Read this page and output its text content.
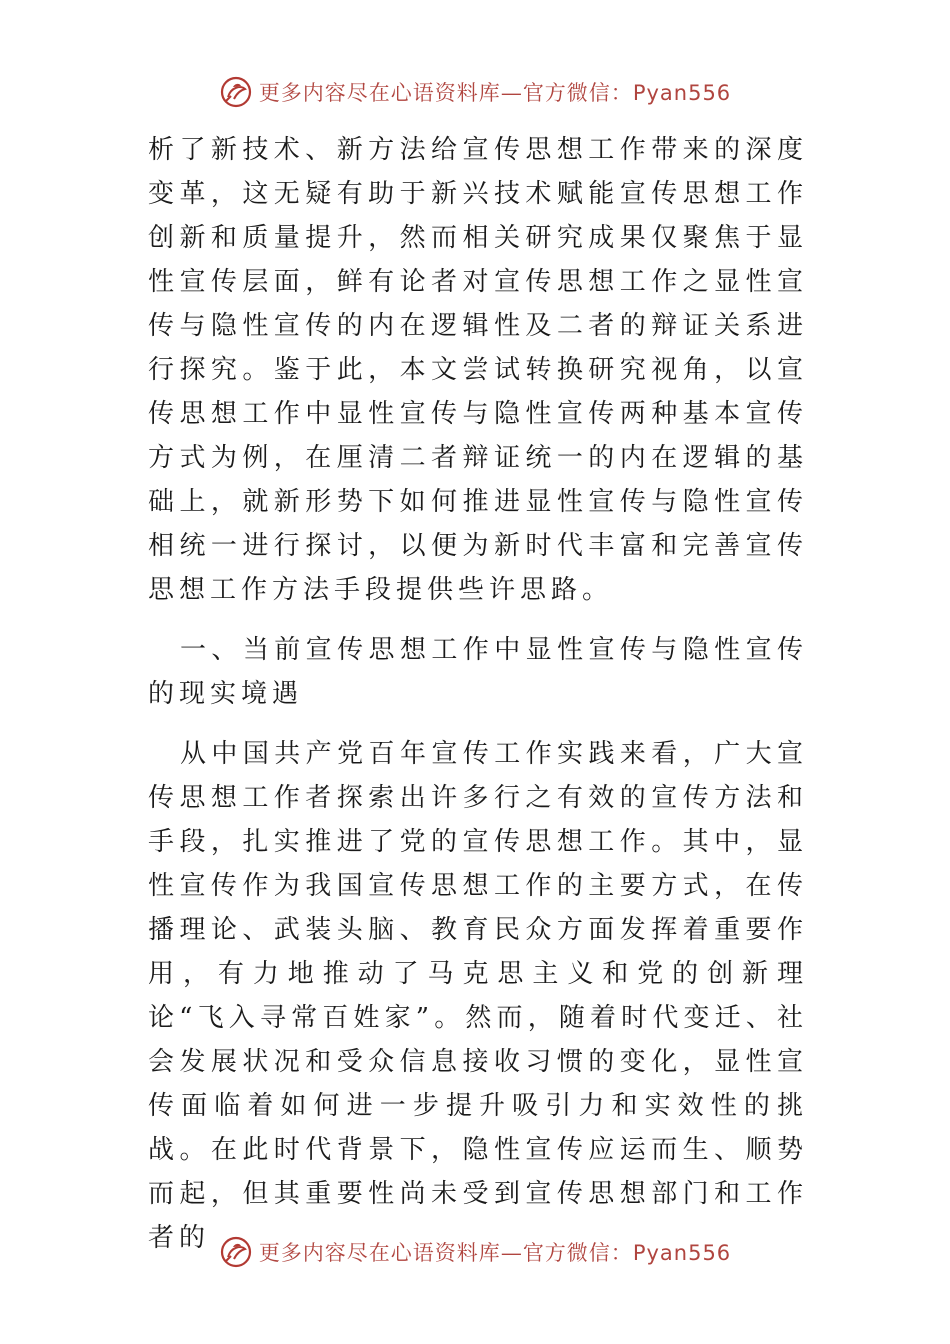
更多内容尽在心语资料库—官方微信：Pyan556

析了新技术、新方法给宣传思想工作带来的深度变革，这无疑有助于新兴技术赋能宣传思想工作创新和质量提升，然而相关研究成果仅聚焦于显性宣传层面，鲜有论者对宣传思想工作之显性宣传与隐性宣传的内在逻辑性及二者的辩证关系进行探究。鉴于此，本文尝试转换研究视角，以宣传思想工作中显性宣传与隐性宣传两种基本宣传方式为例，在厘清二者辩证统一的内在逻辑的基础上，就新形势下如何推进显性宣传与隐性宣传相统一进行探讨，以便为新时代丰富和完善宣传思想工作方法手段提供些许思路。

一、当前宣传思想工作中显性宣传与隐性宣传的现实境遇

从中国共产党百年宣传工作实践来看，广大宣传思想工作者探索出许多行之有效的宣传方法和手段，扎实推进了党的宣传思想工作。其中，显性宣传作为我国宣传思想工作的主要方式，在传播理论、武装头脑、教育民众方面发挥着重要作用，有力地推动了马克思主义和党的创新理论“飞入寻常百姓家”。然而，随着时代变迁、社会发展状况和受众信息接收习惯的变化，显性宣传面临着如何进一步提升吸引力和实效性的挑战。在此时代背景下，隐性宣传应运而生、顺势而起，但其重要性尚未受到宣传思想部门和工作者的	更多内容尽在心语资料库—官方微信：Pyan556
